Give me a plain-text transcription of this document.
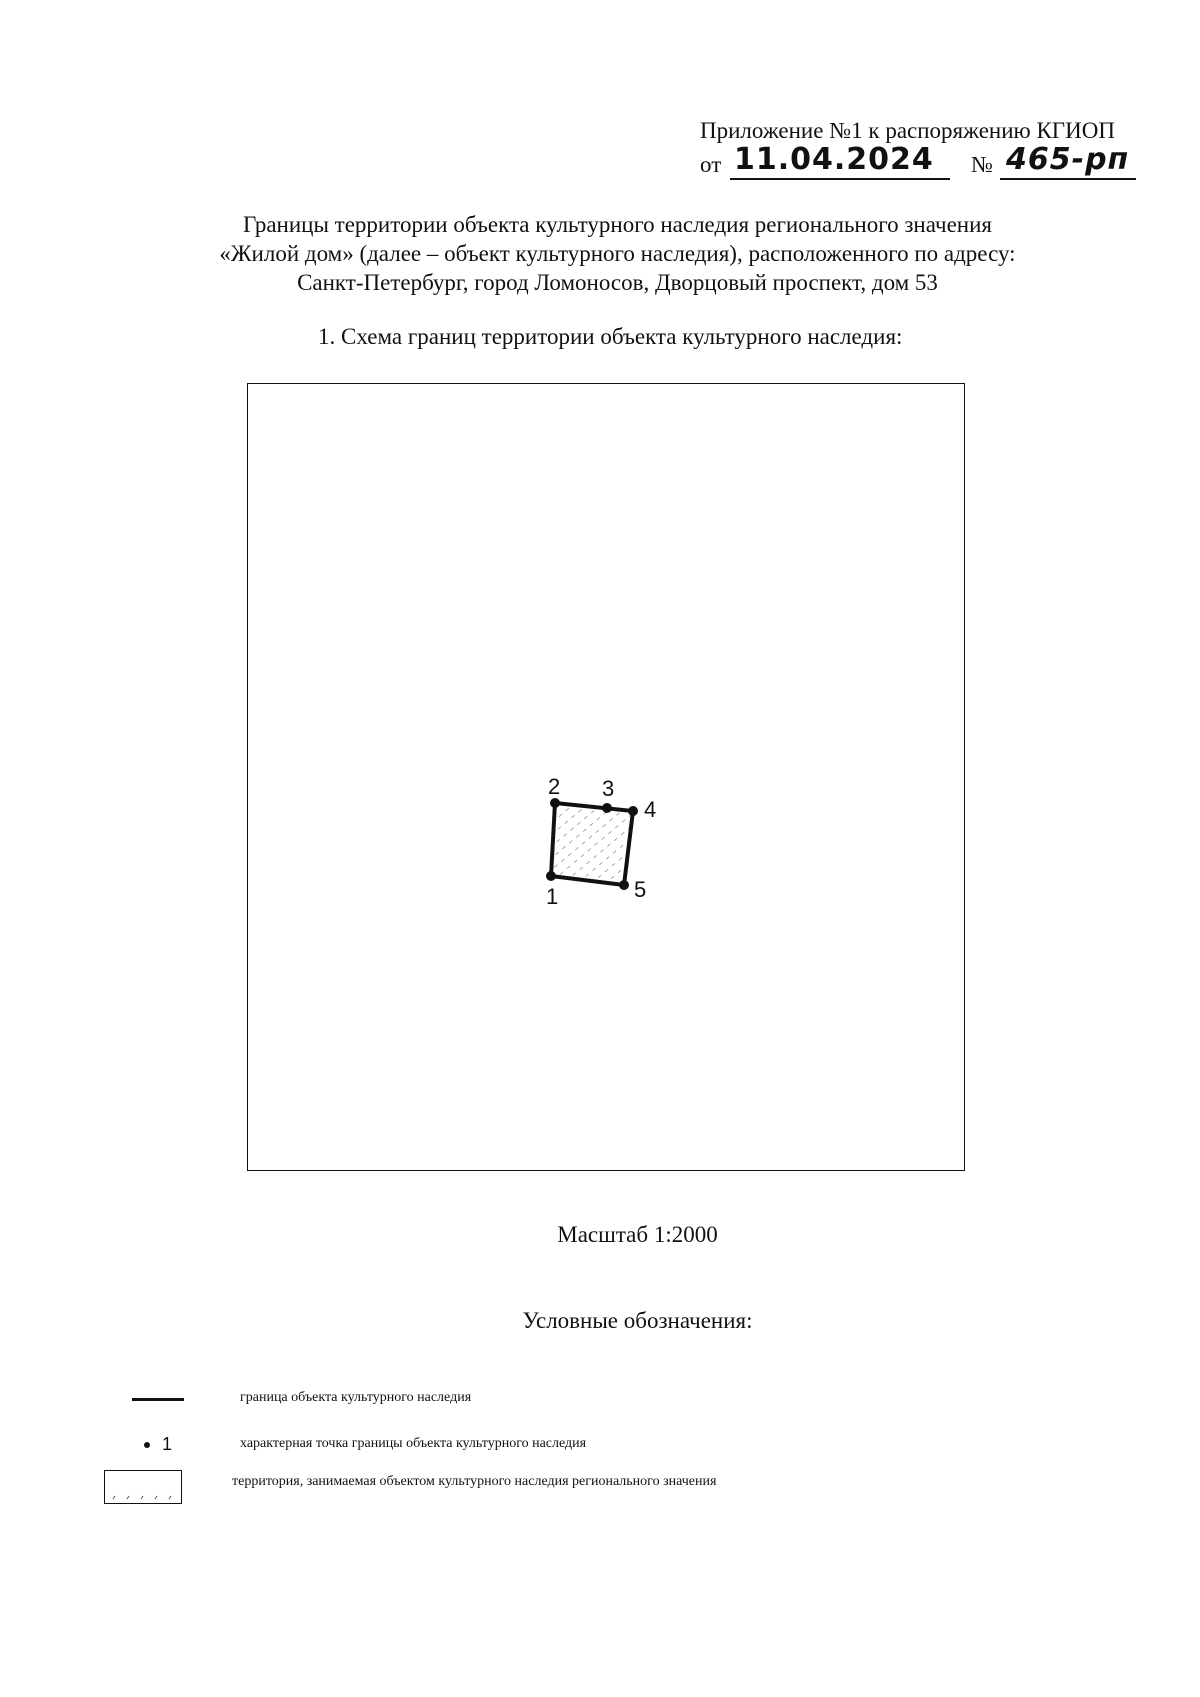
Приложение №1 к распоряжению КГИОП
от 11.04.2024 № 465-рп
Границы территории объекта культурного наследия регионального значения
«Жилой дом» (далее – объект культурного наследия), расположенного по адресу:
Санкт-Петербург, город Ломоносов, Дворцовый проспект, дом 53
1. Схема границ территории объекта культурного наследия:
1
2 3
4
5
Масштаб 1:2000
Условные обозначения:
граница объекта культурного наследия
1	характерная точка границы объекта культурного наследия
территория, занимаемая объектом культурного наследия регионального значения
